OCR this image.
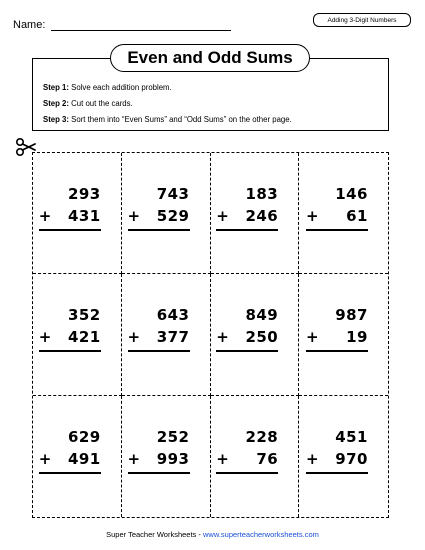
Name:	Adding 3-Digit Numbers
Even and Odd Sums
Step 1: Solve each addition problem.
Step 2: Cut out the cards.
Step 3: Sort them into “Even Sums” and “Odd Sums” on the other page.
293
+ 431
743
+ 529
183
+ 246
146
+ 61
352
+ 421
643
+ 377
849
+ 250
987
+ 19
629
+ 491
252
+ 993
228
+ 76
451
+ 970
Super Teacher Worksheets - www.superteacherworksheets.com
